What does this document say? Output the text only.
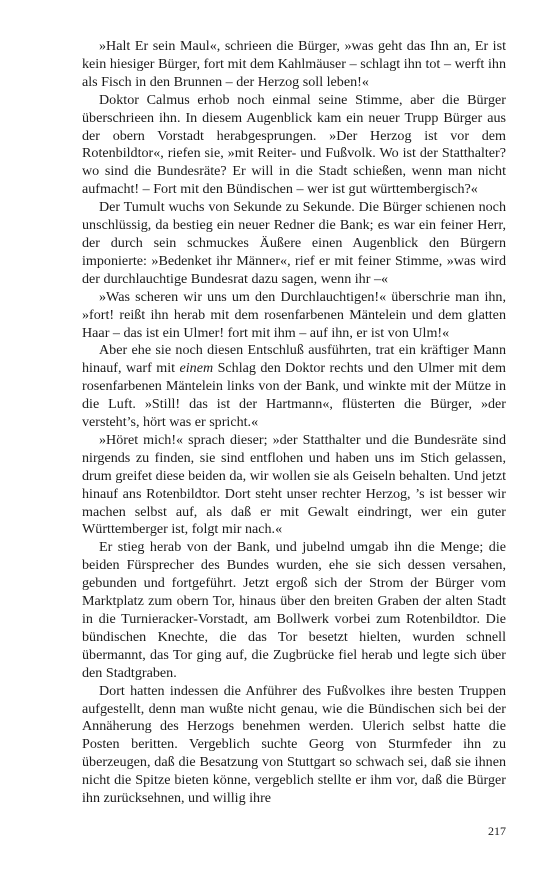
»Halt Er sein Maul«, schrieen die Bürger, »was geht das Ihn an, Er ist kein hiesiger Bürger, fort mit dem Kahlmäuser – schlagt ihn tot – werft ihn als Fisch in den Brunnen – der Herzog soll leben!«

Doktor Calmus erhob noch einmal seine Stimme, aber die Bürger überschrieen ihn. In diesem Augenblick kam ein neuer Trupp Bürger aus der obern Vorstadt herabgesprungen. »Der Herzog ist vor dem Rotenbildtor«, riefen sie, »mit Reiter- und Fußvolk. Wo ist der Statthalter? wo sind die Bundesräte? Er will in die Stadt schießen, wenn man nicht aufmacht! – Fort mit den Bündischen – wer ist gut württembergisch?«

Der Tumult wuchs von Sekunde zu Sekunde. Die Bürger schienen noch unschlüssig, da bestieg ein neuer Redner die Bank; es war ein feiner Herr, der durch sein schmuckes Äußere einen Augenblick den Bürgern imponierte: »Bedenket ihr Männer«, rief er mit feiner Stimme, »was wird der durchlauchtige Bundesrat dazu sagen, wenn ihr –«

»Was scheren wir uns um den Durchlauchtigen!« überschrie man ihn, »fort! reißt ihn herab mit dem rosenfarbenen Mäntelein und dem glatten Haar – das ist ein Ulmer! fort mit ihm – auf ihn, er ist von Ulm!«

Aber ehe sie noch diesen Entschluß ausführten, trat ein kräftiger Mann hinauf, warf mit einem Schlag den Doktor rechts und den Ulmer mit dem rosenfarbenen Mäntelein links von der Bank, und winkte mit der Mütze in die Luft. »Still! das ist der Hartmann«, flüsterten die Bürger, »der versteht’s, hört was er spricht.«

»Höret mich!« sprach dieser; »der Statthalter und die Bundesräte sind nirgends zu finden, sie sind entflohen und haben uns im Stich gelassen, drum greifet diese beiden da, wir wollen sie als Geiseln behalten. Und jetzt hinauf ans Rotenbildtor. Dort steht unser rechter Herzog, ’s ist besser wir machen selbst auf, als daß er mit Gewalt eindringt, wer ein guter Württemberger ist, folgt mir nach.«

Er stieg herab von der Bank, und jubelnd umgab ihn die Menge; die beiden Fürsprecher des Bundes wurden, ehe sie sich dessen versahen, gebunden und fortgeführt. Jetzt ergoß sich der Strom der Bürger vom Marktplatz zum obern Tor, hinaus über den breiten Graben der alten Stadt in die Turnieracker-Vorstadt, am Bollwerk vorbei zum Rotenbildtor. Die bündischen Knechte, die das Tor besetzt hielten, wurden schnell übermannt, das Tor ging auf, die Zugbrücke fiel herab und legte sich über den Stadtgraben.

Dort hatten indessen die Anführer des Fußvolkes ihre besten Truppen aufgestellt, denn man wußte nicht genau, wie die Bündischen sich bei der Annäherung des Herzogs benehmen werden. Ulerich selbst hatte die Posten beritten. Vergeblich suchte Georg von Sturmfeder ihn zu überzeugen, daß die Besatzung von Stuttgart so schwach sei, daß sie ihnen nicht die Spitze bieten könne, vergeblich stellte er ihm vor, daß die Bürger ihn zurücksehnen, und willig ihre

217
